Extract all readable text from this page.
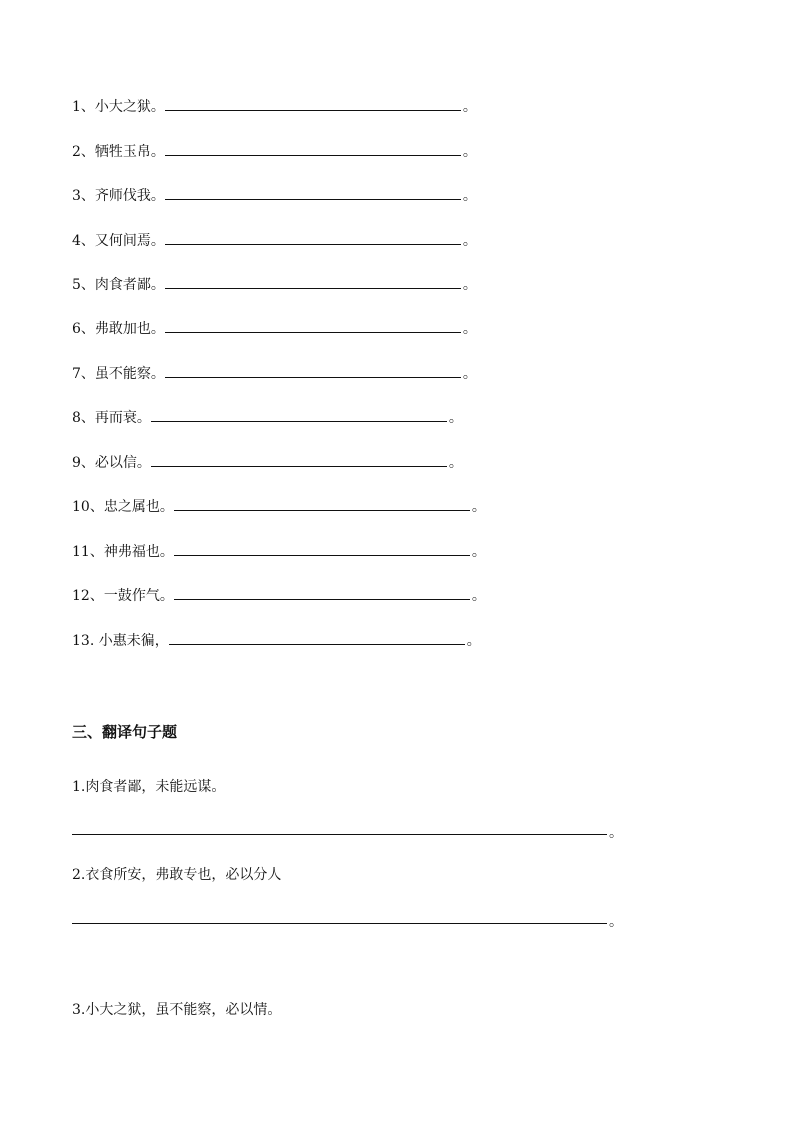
1、小大之狱。	。
2、牺牲玉帛。	。
3、齐师伐我。	。
4、又何间焉。	。
5、肉食者鄙。	。
6、弗敢加也。	。
7、虽不能察。	。
8、再而衰。	。
9、必以信。	。
10、忠之属也。	。
11、神弗福也。	。
12、一鼓作气。	。
13. 小惠未徧，	。
三、翻译句子题
1.肉食者鄙，未能远谋。
。
2.衣食所安，弗敢专也，必以分人
。
3.小大之狱，虽不能察，必以情。
